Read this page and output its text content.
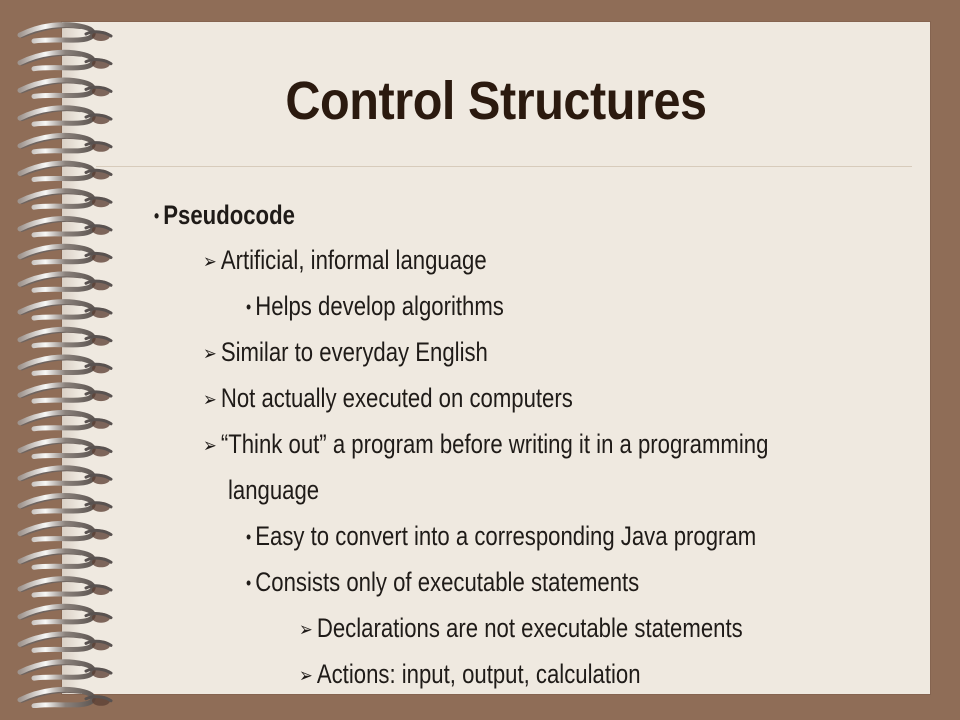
Control Structures
• Pseudocode
➢ Artificial, informal language
• Helps develop algorithms
➢ Similar to everyday English
➢ Not actually executed on computers
➢ “Think out” a program before writing it in a programming
language
• Easy to convert into a corresponding Java program
• Consists only of executable statements
➢ Declarations are not executable statements
➢ Actions: input, output, calculation
